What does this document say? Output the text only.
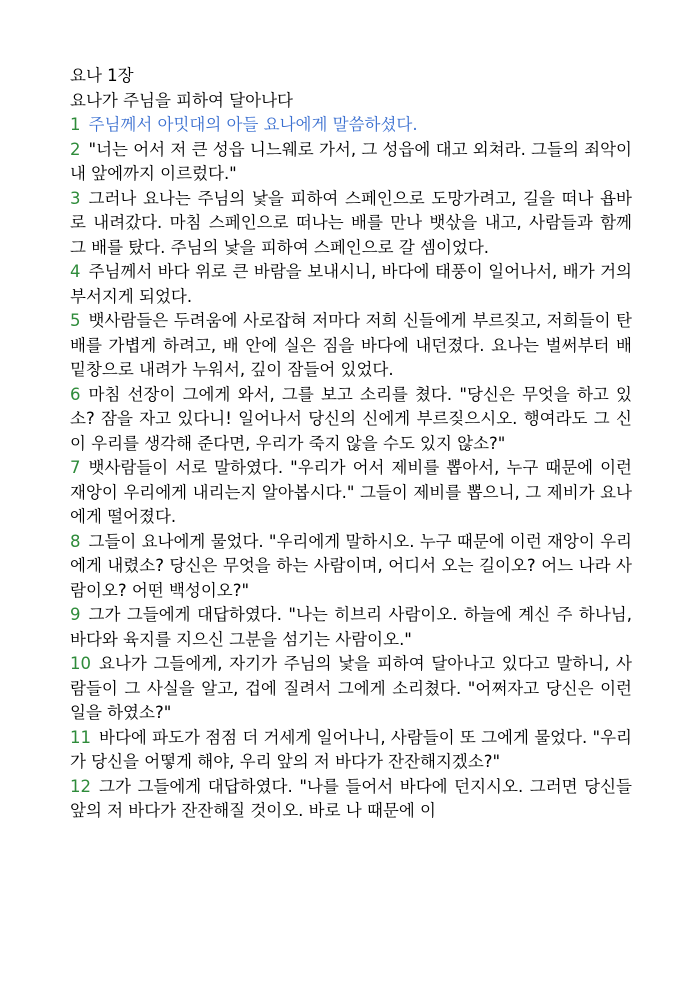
요나 1장
요나가 주님을 피하여 달아나다
1 주님께서 아밋대의 아들 요나에게 말씀하셨다.
2 "너는 어서 저 큰 성읍 니느웨로 가서, 그 성읍에 대고 외쳐라. 그들의 죄악이 내 앞에까지 이르렀다."
3 그러나 요나는 주님의 낯을 피하여 스페인으로 도망가려고, 길을 떠나 욥바로 내려갔다. 마침 스페인으로 떠나는 배를 만나 뱃삯을 내고, 사람들과 함께 그 배를 탔다. 주님의 낯을 피하여 스페인으로 갈 셈이었다.
4 주님께서 바다 위로 큰 바람을 보내시니, 바다에 태풍이 일어나서, 배가 거의 부서지게 되었다.
5 뱃사람들은 두려움에 사로잡혀 저마다 저희 신들에게 부르짖고, 저희들이 탄 배를 가볍게 하려고, 배 안에 실은 짐을 바다에 내던졌다. 요나는 벌써부터 배 밑창으로 내려가 누워서, 깊이 잠들어 있었다.
6 마침 선장이 그에게 와서, 그를 보고 소리를 쳤다. "당신은 무엇을 하고 있소? 잠을 자고 있다니! 일어나서 당신의 신에게 부르짖으시오. 행여라도 그 신이 우리를 생각해 준다면, 우리가 죽지 않을 수도 있지 않소?"
7 뱃사람들이 서로 말하였다. "우리가 어서 제비를 뽑아서, 누구 때문에 이런 재앙이 우리에게 내리는지 알아봅시다." 그들이 제비를 뽑으니, 그 제비가 요나에게 떨어졌다.
8 그들이 요나에게 물었다. "우리에게 말하시오. 누구 때문에 이런 재앙이 우리에게 내렸소? 당신은 무엇을 하는 사람이며, 어디서 오는 길이오? 어느 나라 사람이오? 어떤 백성이오?"
9 그가 그들에게 대답하였다. "나는 히브리 사람이오. 하늘에 계신 주 하나님, 바다와 육지를 지으신 그분을 섬기는 사람이오."
10 요나가 그들에게, 자기가 주님의 낯을 피하여 달아나고 있다고 말하니, 사람들이 그 사실을 알고, 겁에 질려서 그에게 소리쳤다. "어쩌자고 당신은 이런 일을 하였소?"
11 바다에 파도가 점점 더 거세게 일어나니, 사람들이 또 그에게 물었다. "우리가 당신을 어떻게 해야, 우리 앞의 저 바다가 잔잔해지겠소?"
12 그가 그들에게 대답하였다. "나를 들어서 바다에 던지시오. 그러면 당신들 앞의 저 바다가 잔잔해질 것이오. 바로 나 때문에 이
